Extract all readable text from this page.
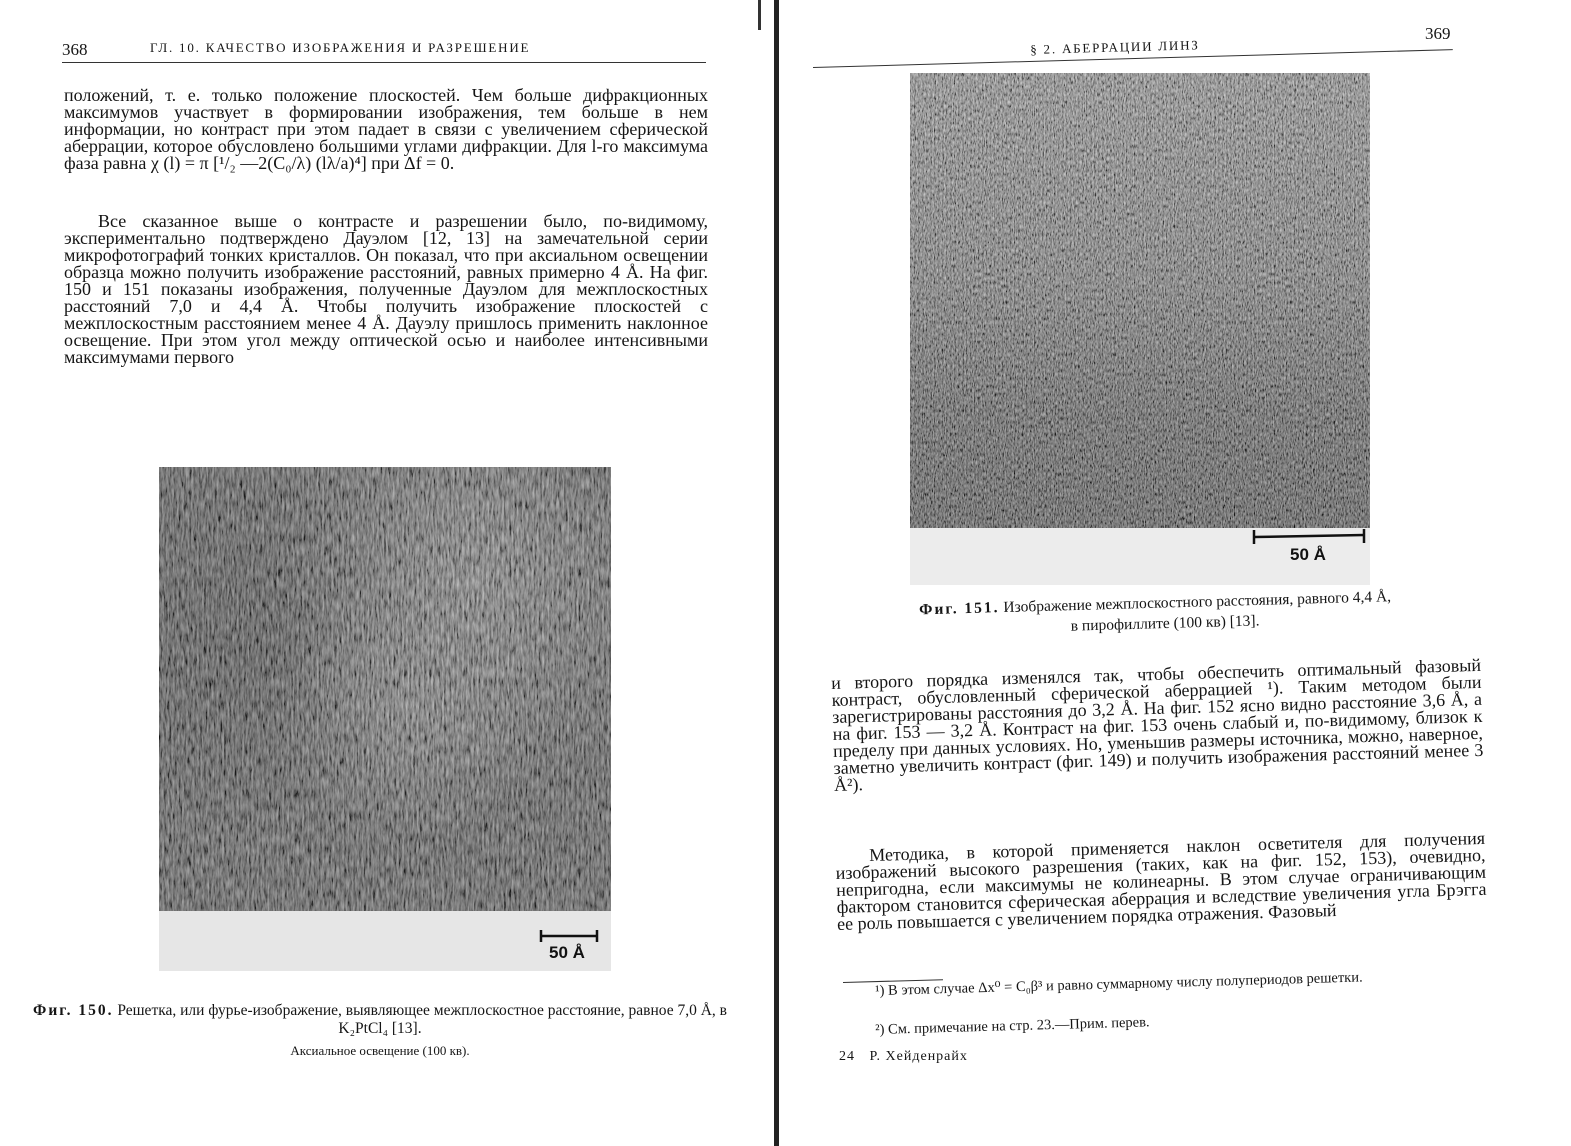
368	ГЛ. 10. КАЧЕСТВО ИЗОБРАЖЕНИЯ И РАЗРЕШЕНИЕ

положений, т. е. только положение плоскостей. Чем больше дифракционных максимумов участвует в формировании изображения, тем больше в нем информации, но контраст при этом падает в связи с увеличением сферической аберрации, которое обусловлено большими углами дифракции. Для l-го максимума фаза равна χ (l) = π [¹/₂ —2(C₀/λ) (lλ/a)⁴] при Δf = 0.

Все сказанное выше о контрасте и разрешении было, по-видимому, экспериментально подтверждено Дауэлом [12, 13] на замечательной серии микрофотографий тонких кристаллов. Он показал, что при аксиальном освещении образца можно получить изображение расстояний, равных примерно 4 Å. На фиг. 150 и 151 показаны изображения, полученные Дауэлом для межплоскостных расстояний 7,0 и 4,4 Å. Чтобы получить изображение плоскостей с межплоскостным расстоянием менее 4 Å. Дауэлу пришлось применить наклонное освещение. При этом угол между оптической осью и наиболее интенсивными максимумами первого

50 Å
Фиг. 150. Решетка, или фурье-изображение, выявляющее межплоскостное расстояние, равное 7,0 Å, в K₂PtCl₄ [13].
Аксиальное освещение (100 кв).
369
§ 2. АБЕРРАЦИИ ЛИНЗ
50 Å
Фиг. 151. Изображение межплоскостного расстояния, равного 4,4 Å,
в пирофиллите (100 кв) [13].

и второго порядка изменялся так, чтобы обеспечить оптимальный фазовый контраст, обусловленный сферической аберрацией ¹). Таким методом были зарегистрированы расстояния до 3,2 Å. На фиг. 152 ясно видно расстояние 3,6 Å, а на фиг. 153 — 3,2 Å. Контраст на фиг. 153 очень слабый и, по-видимому, близок к пределу при данных условиях. Но, уменьшив размеры источника, можно, наверное, заметно увеличить контраст (фиг. 149) и получить изображения расстояний менее 3 Å²).

Методика, в которой применяется наклон осветителя для получения изображений высокого разрешения (таких, как на фиг. 152, 153), очевидно, непригодна, если максимумы не колинеарны. В этом случае ограничивающим фактором становится сферическая аберрация и вследствие увеличения угла Брэгга ее роль повышается с увеличением порядка отражения. Фазовый

¹) В этом случае Δx⁰ = C₀β³ и равно суммарному числу полупериодов решетки.

²) См. примечание на стр. 23.—Прим. перев.

24 Р. Хейденрайх
